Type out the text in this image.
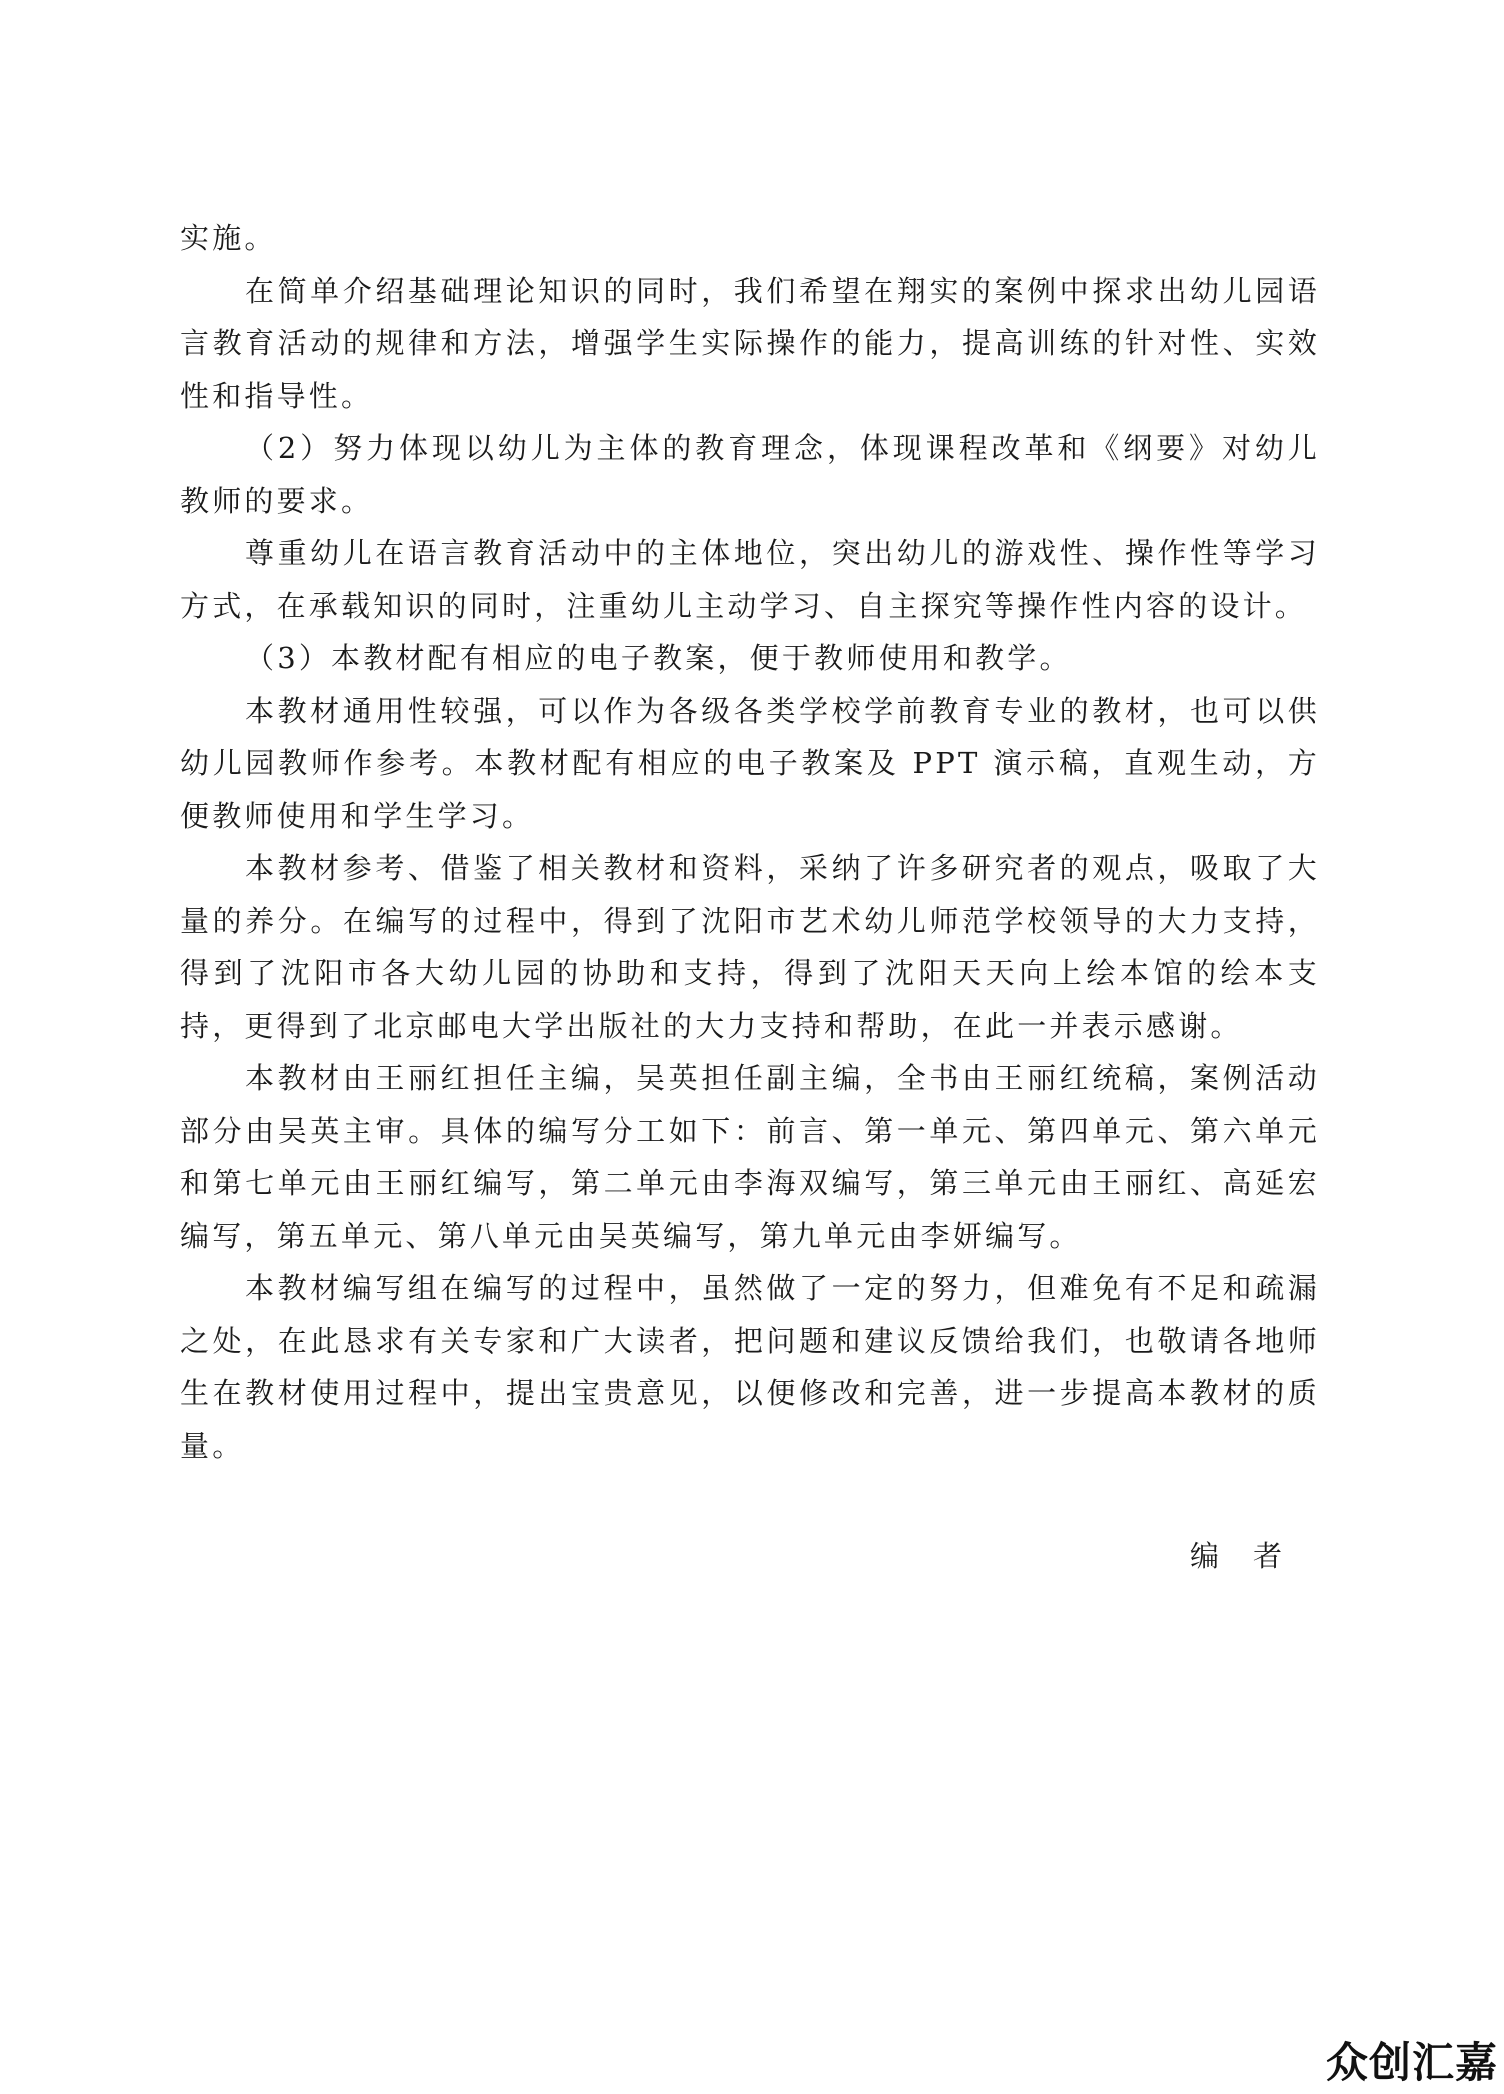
实施。

在简单介绍基础理论知识的同时，我们希望在翔实的案例中探求出幼儿园语言教育活动的规律和方法，增强学生实际操作的能力，提高训练的针对性、实效性和指导性。

（2）努力体现以幼儿为主体的教育理念，体现课程改革和《纲要》对幼儿教师的要求。

尊重幼儿在语言教育活动中的主体地位，突出幼儿的游戏性、操作性等学习方式，在承载知识的同时，注重幼儿主动学习、自主探究等操作性内容的设计。

（3）本教材配有相应的电子教案，便于教师使用和教学。

本教材通用性较强，可以作为各级各类学校学前教育专业的教材，也可以供幼儿园教师作参考。本教材配有相应的电子教案及 PPT 演示稿，直观生动，方便教师使用和学生学习。

本教材参考、借鉴了相关教材和资料，采纳了许多研究者的观点，吸取了大量的养分。在编写的过程中，得到了沈阳市艺术幼儿师范学校领导的大力支持，得到了沈阳市各大幼儿园的协助和支持，得到了沈阳天天向上绘本馆的绘本支持，更得到了北京邮电大学出版社的大力支持和帮助，在此一并表示感谢。

本教材由王丽红担任主编，吴英担任副主编，全书由王丽红统稿，案例活动部分由吴英主审。具体的编写分工如下：前言、第一单元、第四单元、第六单元和第七单元由王丽红编写，第二单元由李海双编写，第三单元由王丽红、高延宏编写，第五单元、第八单元由吴英编写，第九单元由李妍编写。

本教材编写组在编写的过程中，虽然做了一定的努力，但难免有不足和疏漏之处，在此恳求有关专家和广大读者，把问题和建议反馈给我们，也敬请各地师生在教材使用过程中，提出宝贵意见，以便修改和完善，进一步提高本教材的质量。

编者

众创汇嘉
